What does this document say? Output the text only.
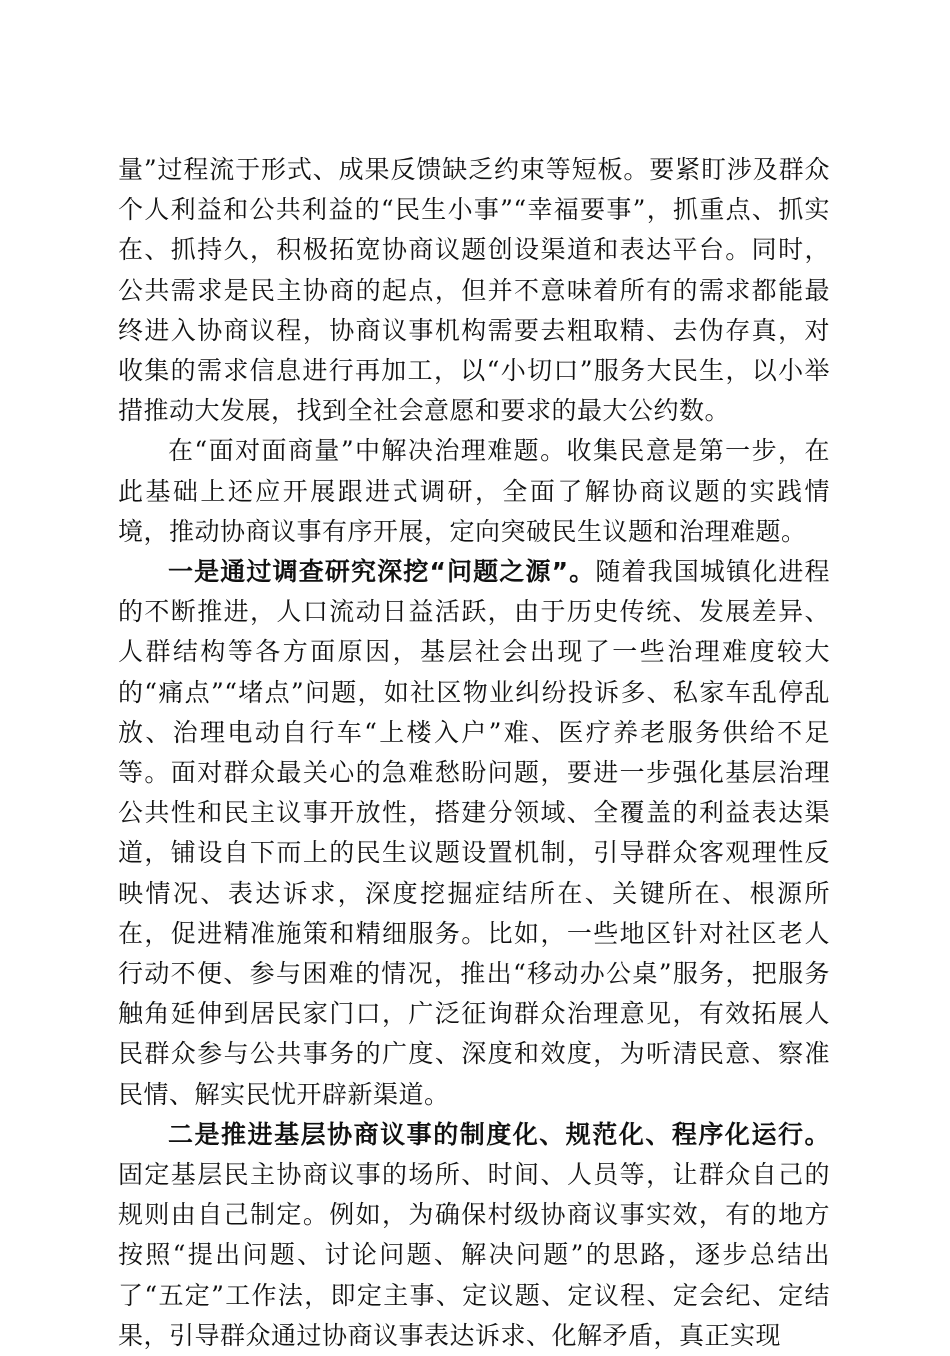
量”过程流于形式、成果反馈缺乏约束等短板。要紧盯涉及群众个人利益和公共利益的“民生小事”“幸福要事”，抓重点、抓实在、抓持久，积极拓宽协商议题创设渠道和表达平台。同时，公共需求是民主协商的起点，但并不意味着所有的需求都能最终进入协商议程，协商议事机构需要去粗取精、去伪存真，对收集的需求信息进行再加工，以“小切口”服务大民生，以小举措推动大发展，找到全社会意愿和要求的最大公约数。

在“面对面商量”中解决治理难题。收集民意是第一步，在此基础上还应开展跟进式调研，全面了解协商议题的实践情境，推动协商议事有序开展，定向突破民生议题和治理难题。

一是通过调查研究深挖“问题之源”。随着我国城镇化进程的不断推进，人口流动日益活跃，由于历史传统、发展差异、人群结构等各方面原因，基层社会出现了一些治理难度较大的“痛点”“堵点”问题，如社区物业纠纷投诉多、私家车乱停乱放、治理电动自行车“上楼入户”难、医疗养老服务供给不足等。面对群众最关心的急难愁盼问题，要进一步强化基层治理公共性和民主议事开放性，搭建分领域、全覆盖的利益表达渠道，铺设自下而上的民生议题设置机制，引导群众客观理性反映情况、表达诉求，深度挖掘症结所在、关键所在、根源所在，促进精准施策和精细服务。比如，一些地区针对社区老人行动不便、参与困难的情况，推出“移动办公桌”服务，把服务触角延伸到居民家门口，广泛征询群众治理意见，有效拓展人民群众参与公共事务的广度、深度和效度，为听清民意、察准民情、解实民忧开辟新渠道。

二是推进基层协商议事的制度化、规范化、程序化运行。固定基层民主协商议事的场所、时间、人员等，让群众自己的规则由自己制定。例如，为确保村级协商议事实效，有的地方按照“提出问题、讨论问题、解决问题”的思路，逐步总结出了“五定”工作法，即定主事、定议题、定议程、定会纪、定结果，引导群众通过协商议事表达诉求、化解矛盾，真正实现
